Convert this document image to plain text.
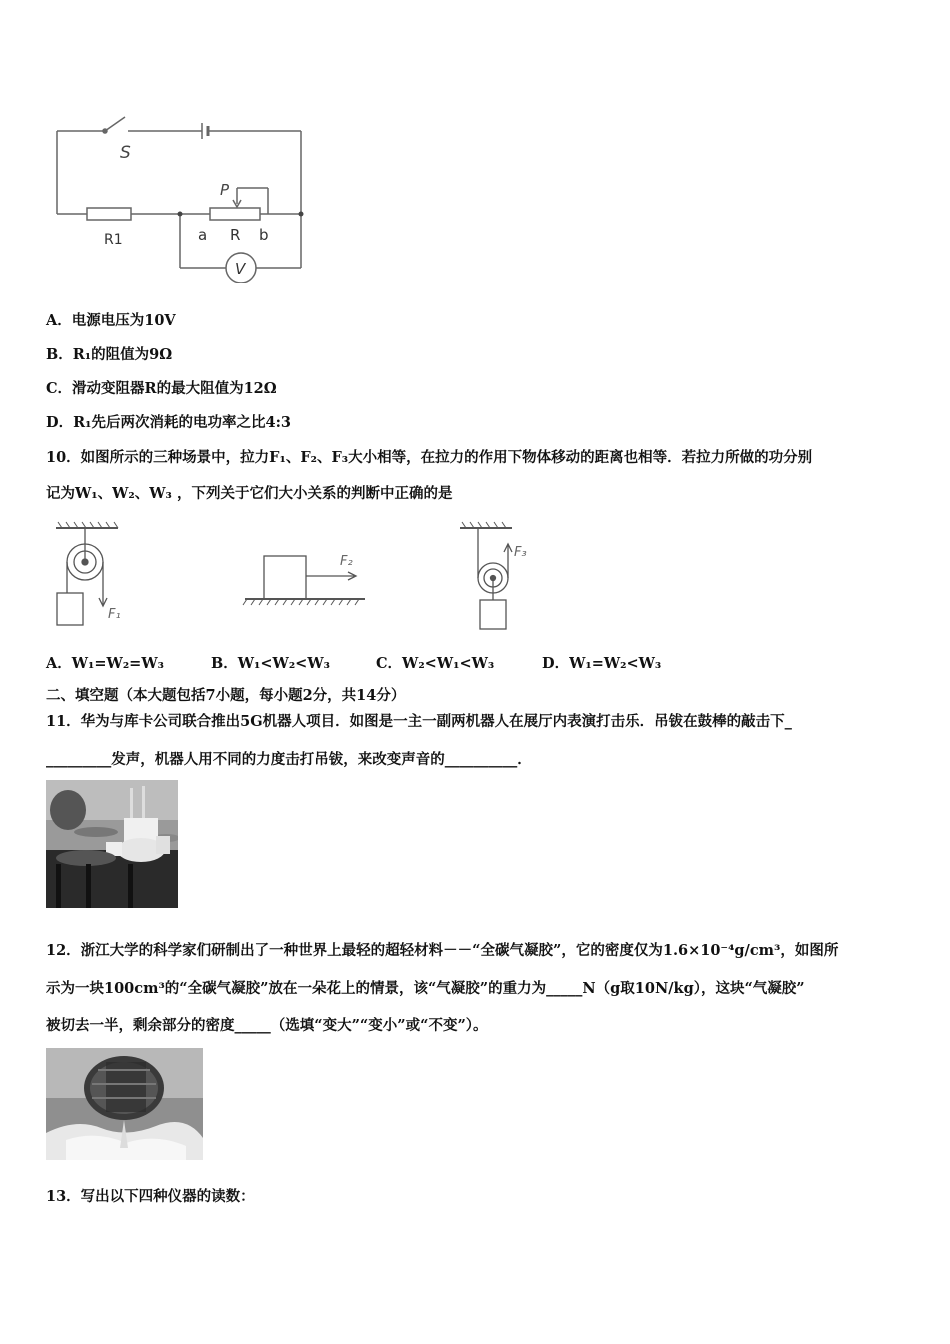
S
R1
P
a R b
V
A．电源电压为10V
B．R₁的阻值为9Ω
C．滑动变阻器R的最大阻值为12Ω
D．R₁先后两次消耗的电功率之比4:3
10．如图所示的三种场景中，拉力F₁、F₂、F₃大小相等，在拉力的作用下物体移动的距离也相等．若拉力所做的功分别
记为W₁、W₂、W₃ ，下列关于它们大小关系的判断中正确的是
F₁
F₂
F₃
A．W₁=W₂=W₃	B．W₁<W₂<W₃	C．W₂<W₁<W₃	D．W₁=W₂<W₃
二、填空题（本大题包括7小题，每小题2分，共14分）
11．华为与库卡公司联合推出5G机器人项目．如图是一主一副两机器人在展厅内表演打击乐．吊钹在鼓棒的敲击下_
_________发声，机器人用不同的力度击打吊钹，来改变声音的__________．
12．浙江大学的科学家们研制出了一种世界上最轻的超轻材料－－“全碳气凝胶”，它的密度仅为1.6×10⁻⁴g/cm³，如图所
示为一块100cm³的“全碳气凝胶”放在一朵花上的情景，该“气凝胶”的重力为_____N（g取10N/kg），这块“气凝胶”
被切去一半，剩余部分的密度_____（选填“变大”“变小”或“不变”）。
13．写出以下四种仪器的读数：
